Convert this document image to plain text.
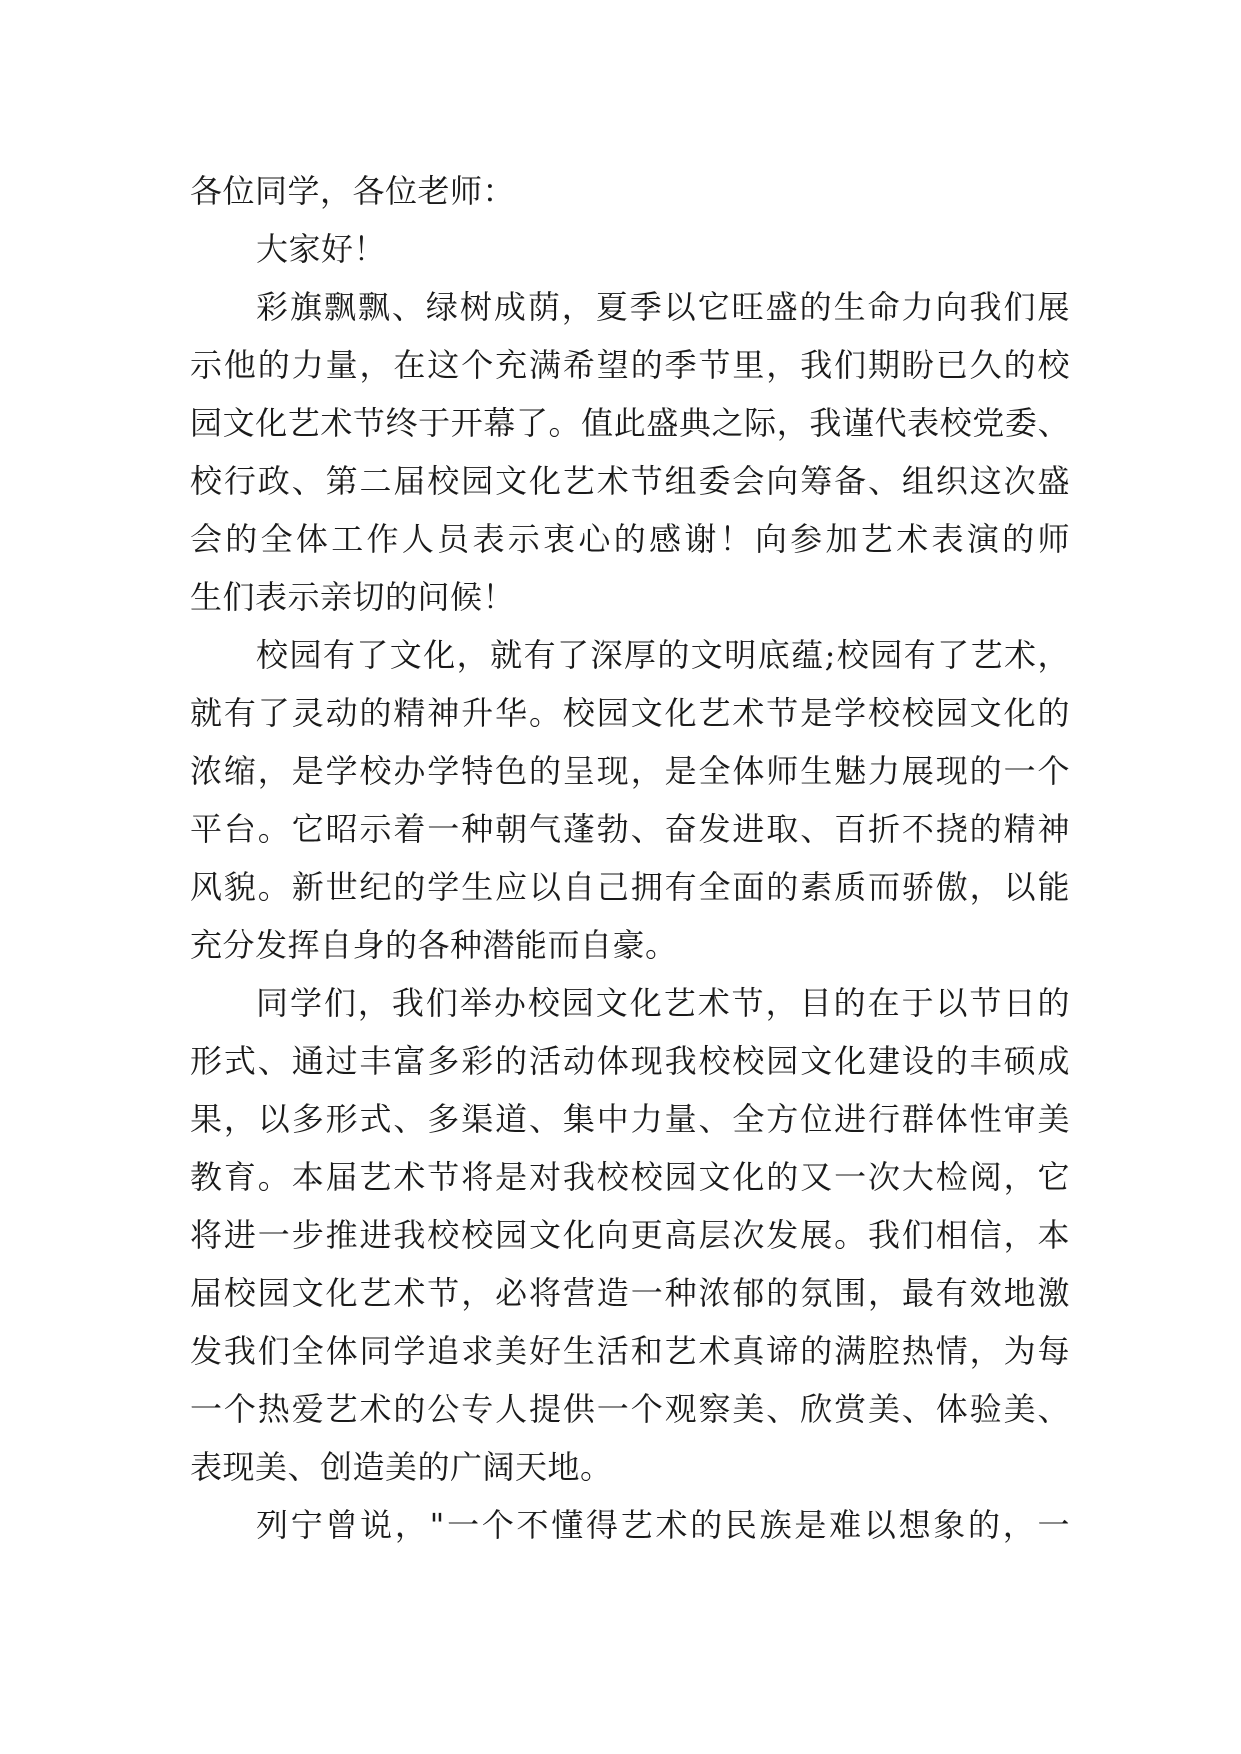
各位同学，各位老师：
大家好！
彩旗飘飘、绿树成荫，夏季以它旺盛的生命力向我们展
示他的力量，在这个充满希望的季节里，我们期盼已久的校
园文化艺术节终于开幕了。值此盛典之际，我谨代表校党委、
校行政、第二届校园文化艺术节组委会向筹备、组织这次盛
会的全体工作人员表示衷心的感谢！向参加艺术表演的师
生们表示亲切的问候！
校园有了文化，就有了深厚的文明底蕴;校园有了艺术，
就有了灵动的精神升华。校园文化艺术节是学校校园文化的
浓缩，是学校办学特色的呈现，是全体师生魅力展现的一个
平台。它昭示着一种朝气蓬勃、奋发进取、百折不挠的精神
风貌。新世纪的学生应以自己拥有全面的素质而骄傲，以能
充分发挥自身的各种潜能而自豪。
同学们，我们举办校园文化艺术节，目的在于以节日的
形式、通过丰富多彩的活动体现我校校园文化建设的丰硕成
果，以多形式、多渠道、集中力量、全方位进行群体性审美
教育。本届艺术节将是对我校校园文化的又一次大检阅，它
将进一步推进我校校园文化向更高层次发展。我们相信，本
届校园文化艺术节，必将营造一种浓郁的氛围，最有效地激
发我们全体同学追求美好生活和艺术真谛的满腔热情，为每
一个热爱艺术的公专人提供一个观察美、欣赏美、体验美、
表现美、创造美的广阔天地。
列宁曾说，"一个不懂得艺术的民族是难以想象的，一
